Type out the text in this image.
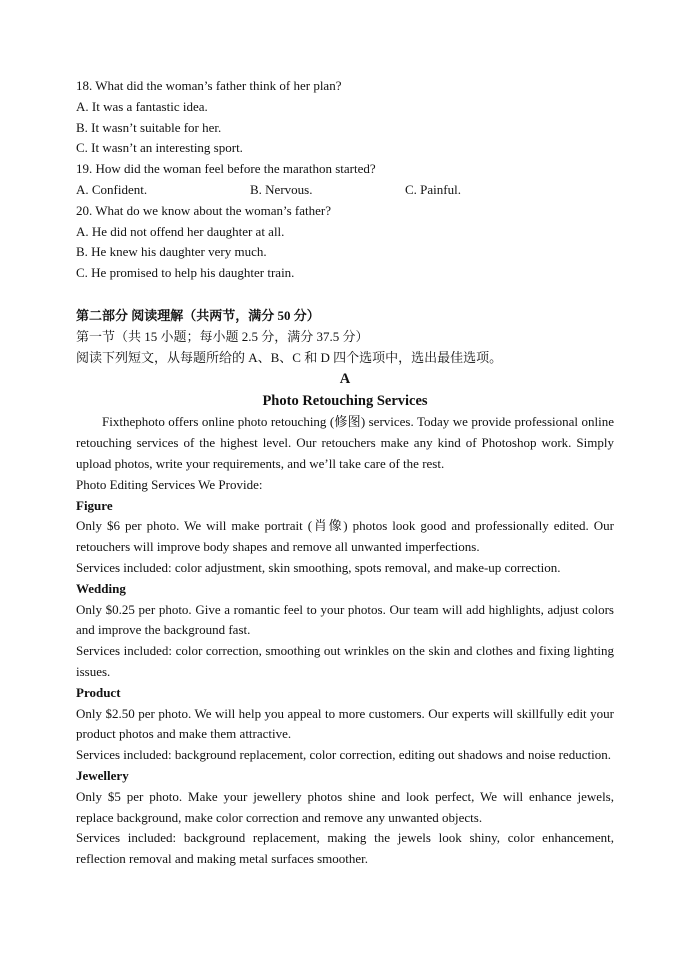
18. What did the woman’s father think of her plan?
A. It was a fantastic idea.
B. It wasn’t suitable for her.
C. It wasn’t an interesting sport.
19. How did the woman feel before the marathon started?
A. Confident.	B. Nervous.	C. Painful.
20. What do we know about the woman’s father?
A. He did not offend her daughter at all.
B. He knew his daughter very much.
C. He promised to help his daughter train.
第二部分 阅读理解（共两节，满分 50 分）
第一节（共 15 小题；每小题 2.5 分，满分 37.5 分）
阅读下列短文，从每题所给的 A、B、C 和 D 四个选项中，选出最佳选项。
A
Photo Retouching Services
Fixthephoto offers online photo retouching (修图) services. Today we provide professional online retouching services of the highest level. Our retouchers make any kind of Photoshop work. Simply upload photos, write your requirements, and we’ll take care of the rest.
Photo Editing Services We Provide:
Figure
Only $6 per photo. We will make portrait (肖像) photos look good and professionally edited. Our retouchers will improve body shapes and remove all unwanted imperfections.
Services included: color adjustment, skin smoothing, spots removal, and make-up correction.
Wedding
Only $0.25 per photo. Give a romantic feel to your photos. Our team will add highlights, adjust colors and improve the background fast.
Services included: color correction, smoothing out wrinkles on the skin and clothes and fixing lighting issues.
Product
Only $2.50 per photo. We will help you appeal to more customers. Our experts will skillfully edit your product photos and make them attractive.
Services included: background replacement, color correction, editing out shadows and noise reduction.
Jewellery
Only $5 per photo. Make your jewellery photos shine and look perfect, We will enhance jewels, replace background, make color correction and remove any unwanted objects.
Services included: background replacement, making the jewels look shiny, color enhancement, reflection removal and making metal surfaces smoother.
